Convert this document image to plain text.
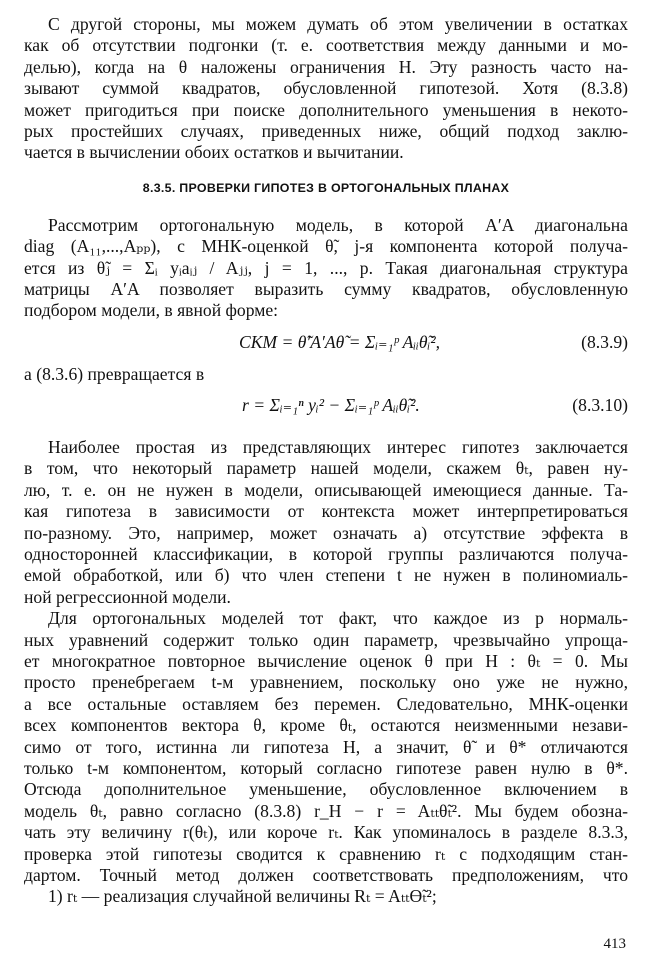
С другой стороны, мы можем думать об этом увеличении в остатках
как об отсутствии подгонки (т. е. соответствия между данными и мо-
делью), когда на θ наложены ограничения H. Эту разность часто на-
зывают суммой квадратов, обусловленной гипотезой. Хотя (8.3.8)
может пригодиться при поиске дополнительного уменьшения в некото-
рых простейших случаях, приведенных ниже, общий подход заклю-
чается в вычислении обоих остатков и вычитании.
8.3.5. ПРОВЕРКИ ГИПОТЕЗ В ОРТОГОНАЛЬНЫХ ПЛАНАХ
Рассмотрим ортогональную модель, в которой A′A диагональна
diag (A₁₁,...,Aₚₚ), с МНК-оценкой θ̃, j-я компонента которой получа-
ется из θ̃ⱼ = Σᵢ yᵢaᵢⱼ / Aⱼⱼ, j = 1, ..., p. Такая диагональная структура
матрицы A′A позволяет выразить сумму квадратов, обусловленную
подбором модели, в явной форме:
СКМ = θ̃′A′Aθ̃ = Σᵢ₌₁ᵖ Aᵢᵢθ̃ᵢ²,	(8.3.9)
а (8.3.6) превращается в
r = Σᵢ₌₁ⁿ yᵢ² − Σᵢ₌₁ᵖ Aᵢᵢθ̃ᵢ².	(8.3.10)
Наиболее простая из представляющих интерес гипотез заключается
в том, что некоторый параметр нашей модели, скажем θₜ, равен ну-
лю, т. е. он не нужен в модели, описывающей имеющиеся данные. Та-
кая гипотеза в зависимости от контекста может интерпретироваться
по-разному. Это, например, может означать а) отсутствие эффекта в
односторонней классификации, в которой группы различаются получа-
емой обработкой, или б) что член степени t не нужен в полиномиаль-
ной регрессионной модели.
Для ортогональных моделей тот факт, что каждое из p нормаль-
ных уравнений содержит только один параметр, чрезвычайно упроща-
ет многократное повторное вычисление оценок θ при H : θₜ = 0. Мы
просто пренебрегаем t-м уравнением, поскольку оно уже не нужно,
а все остальные оставляем без перемен. Следовательно, МНК-оценки
всех компонентов вектора θ, кроме θₜ, остаются неизменными незави-
симо от того, истинна ли гипотеза H, а значит, θ̃ и θ* отличаются
только t-м компонентом, который согласно гипотезе равен нулю в θ*.
Отсюда дополнительное уменьшение, обусловленное включением в
модель θₜ, равно согласно (8.3.8) r_H − r = Aₜₜθ̃ₜ². Мы будем обозна-
чать эту величину r(θₜ), или короче rₜ. Как упоминалось в разделе 8.3.3,
проверка этой гипотезы сводится к сравнению rₜ с подходящим стан-
дартом. Точный метод должен соответствовать предположениям, что
1) rₜ — реализация случайной величины Rₜ = Aₜₜϴ̃ₜ²;
413
